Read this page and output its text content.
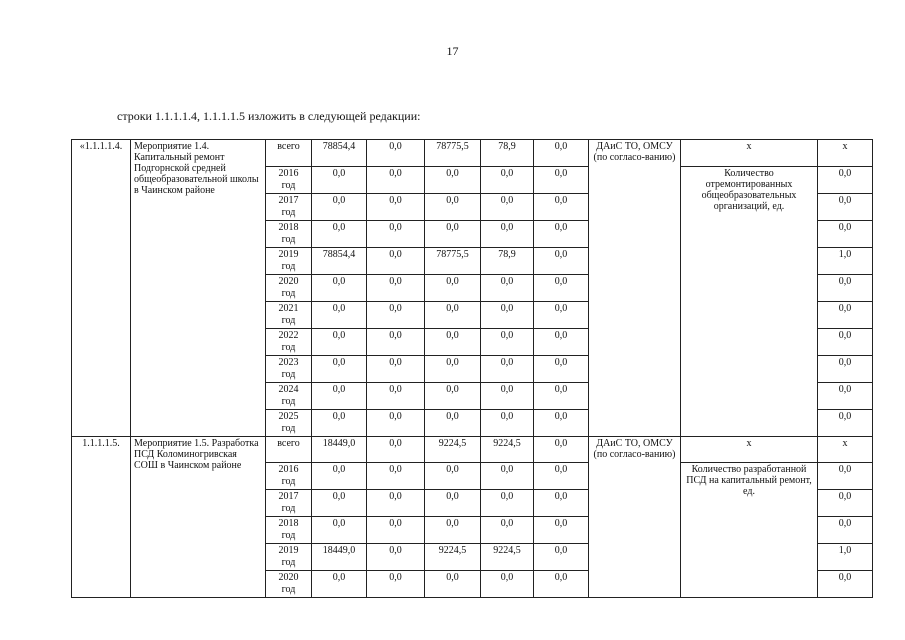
17
строки 1.1.1.1.4, 1.1.1.1.5 изложить в следующей редакции:
«1.1.1.1.4.	Мероприятие 1.4. Капитальный ремонт Подгорнской средней общеобразовательной школы в Чаинском районе	всего	78854,4	0,0	78775,5	78,9	0,0	ДАиС ТО, ОМСУ (по согласо-ванию)	х	х

		2016
год	0,0	0,0	0,0	0,0	0,0		Количество отремонтированных общеобразовательных организаций, ед.	0,0

		2017
год	0,0	0,0	0,0	0,0	0,0			0,0

		2018
год	0,0	0,0	0,0	0,0	0,0			0,0

		2019
год	78854,4	0,0	78775,5	78,9	0,0			1,0

		2020
год	0,0	0,0	0,0	0,0	0,0			0,0

		2021
год	0,0	0,0	0,0	0,0	0,0			0,0

		2022
год	0,0	0,0	0,0	0,0	0,0			0,0

		2023
год	0,0	0,0	0,0	0,0	0,0			0,0

		2024
год	0,0	0,0	0,0	0,0	0,0			0,0

		2025
год	0,0	0,0	0,0	0,0	0,0			0,0
1.1.1.1.5.	Мероприятие 1.5. Разработка ПСД Коломиногривская СОШ в Чаинском районе	всего	18449,0	0,0	9224,5	9224,5	0,0	ДАиС ТО, ОМСУ (по согласо-ванию)	х	х

		2016
год	0,0	0,0	0,0	0,0	0,0		Количество разработанной ПСД на капитальный ремонт, ед.	0,0

		2017
год	0,0	0,0	0,0	0,0	0,0			0,0

		2018
год	0,0	0,0	0,0	0,0	0,0			0,0

		2019
год	18449,0	0,0	9224,5	9224,5	0,0			1,0

		2020
год	0,0	0,0	0,0	0,0	0,0			0,0
